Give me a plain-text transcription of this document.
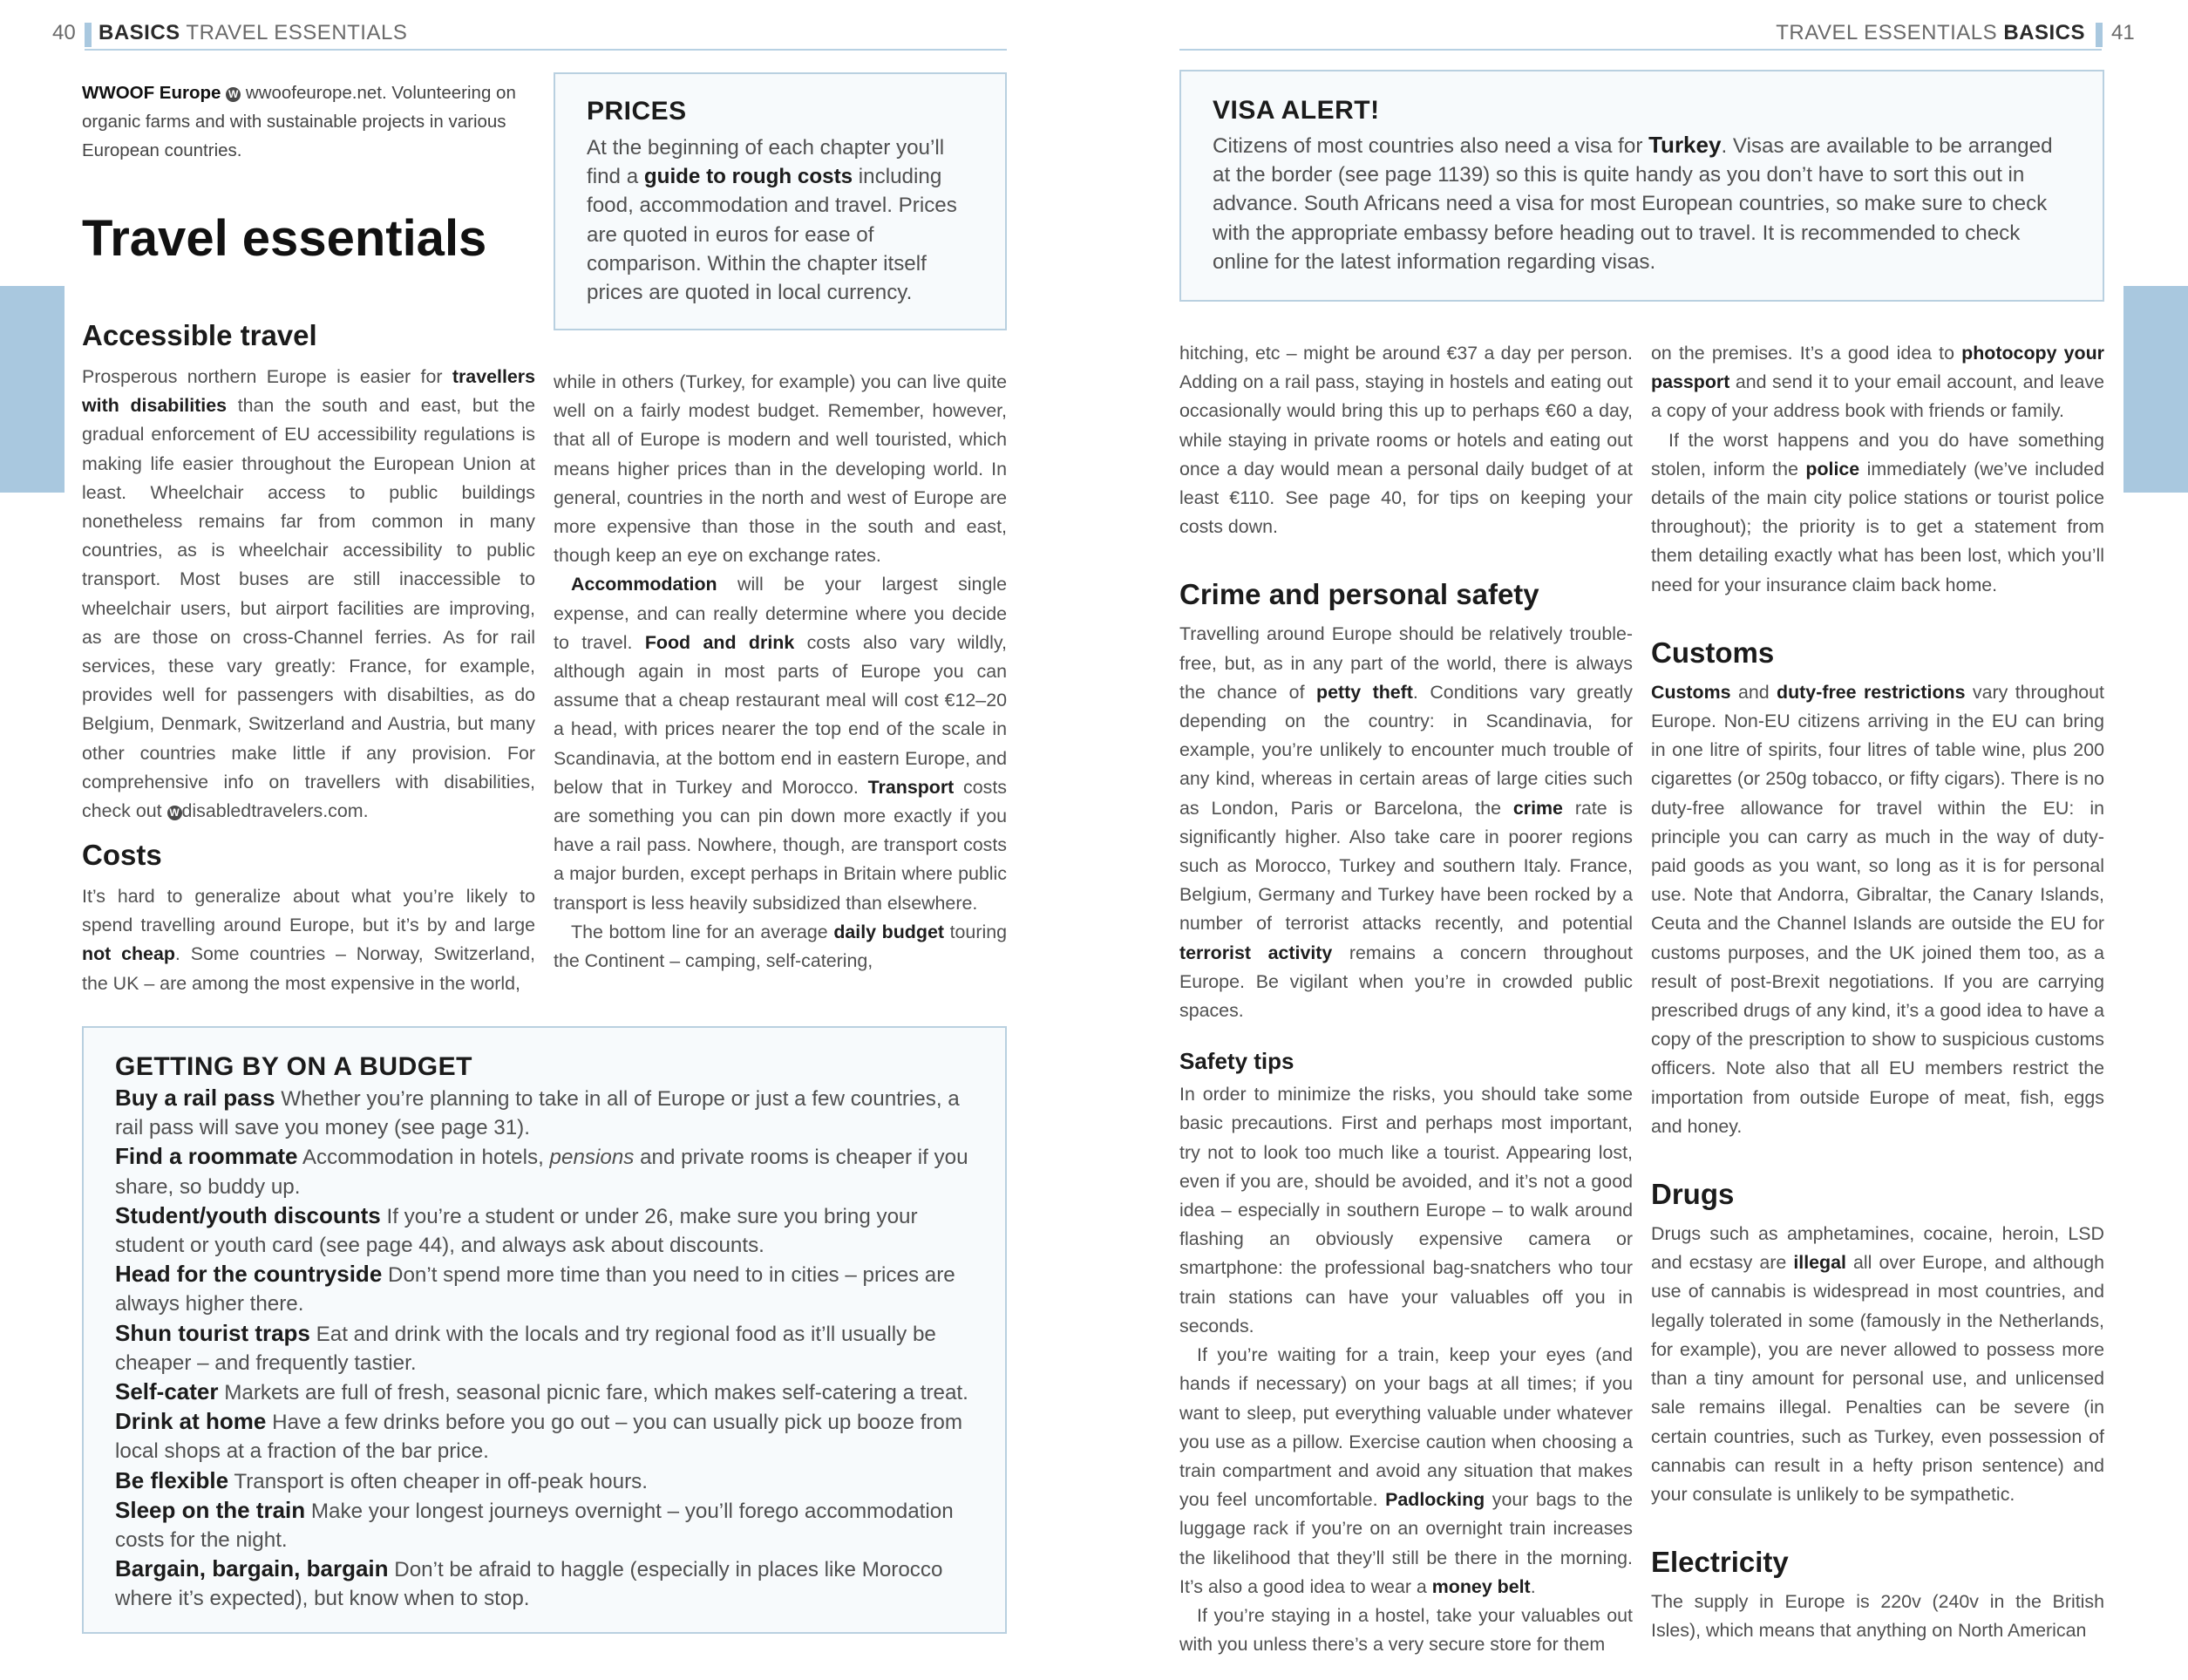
40 BASICS TRAVEL ESSENTIALS
WWOOF Europe W wwoofeurope.net. Volunteering on organic farms and with sustainable projects in various European countries.
Travel essentials
PRICES
At the beginning of each chapter you’ll find a guide to rough costs including food, accommodation and travel. Prices are quoted in euros for ease of comparison. Within the chapter itself prices are quoted in local currency.
Accessible travel

Prosperous northern Europe is easier for travellers with disabilities than the south and east, but the gradual enforcement of EU accessibility regulations is making life easier throughout the European Union at least. Wheelchair access to public buildings nonetheless remains far from common in many countries, as is wheelchair accessibility to public transport. Most buses are still inaccessible to wheelchair users, but airport facilities are improving, as are those on cross-Channel ferries. As for rail services, these vary greatly: France, for example, provides well for passengers with disabilties, as do Belgium, Denmark, Switzerland and Austria, but many other countries make little if any provision. For comprehensive info on travellers with disabilities, check out W disabledtravelers.com.

Costs

It’s hard to generalize about what you’re likely to spend travelling around Europe, but it’s by and large not cheap. Some countries – Norway, Switzerland, the UK – are among the most expensive in the world,

while in others (Turkey, for example) you can live quite well on a fairly modest budget. Remember, however, that all of Europe is modern and well touristed, which means higher prices than in the developing world. In general, countries in the north and west of Europe are more expensive than those in the south and east, though keep an eye on exchange rates.

Accommodation will be your largest single expense, and can really determine where you decide to travel. Food and drink costs also vary wildly, although again in most parts of Europe you can assume that a cheap restaurant meal will cost €12–20 a head, with prices nearer the top end of the scale in Scandinavia, at the bottom end in eastern Europe, and below that in Turkey and Morocco. Transport costs are something you can pin down more exactly if you have a rail pass. Nowhere, though, are transport costs a major burden, except perhaps in Britain where public transport is less heavily subsidized than elsewhere.

The bottom line for an average daily budget touring the Continent – camping, self-catering,

GETTING BY ON A BUDGET
Buy a rail pass Whether you’re planning to take in all of Europe or just a few countries, a rail pass will save you money (see page 31).
Find a roommate Accommodation in hotels, pensions and private rooms is cheaper if you share, so buddy up.
Student/youth discounts If you’re a student or under 26, make sure you bring your student or youth card (see page 44), and always ask about discounts.
Head for the countryside Don’t spend more time than you need to in cities – prices are always higher there.
Shun tourist traps Eat and drink with the locals and try regional food as it’ll usually be cheaper – and frequently tastier.
Self-cater Markets are full of fresh, seasonal picnic fare, which makes self-catering a treat.
Drink at home Have a few drinks before you go out – you can usually pick up booze from local shops at a fraction of the bar price.
Be flexible Transport is often cheaper in off-peak hours.
Sleep on the train Make your longest journeys overnight – you’ll forego accommodation costs for the night.
Bargain, bargain, bargain Don’t be afraid to haggle (especially in places like Morocco where it’s expected), but know when to stop.
TRAVEL ESSENTIALS BASICS 41
VISA ALERT!
Citizens of most countries also need a visa for Turkey. Visas are available to be arranged at the border (see page 1139) so this is quite handy as you don’t have to sort this out in advance. South Africans need a visa for most European countries, so make sure to check with the appropriate embassy before heading out to travel. It is recommended to check online for the latest information regarding visas.

hitching, etc – might be around €37 a day per person. Adding on a rail pass, staying in hostels and eating out occasionally would bring this up to perhaps €60 a day, while staying in private rooms or hotels and eating out once a day would mean a personal daily budget of at least €110. See page 40, for tips on keeping your costs down.

Crime and personal safety

Travelling around Europe should be relatively trouble-free, but, as in any part of the world, there is always the chance of petty theft. Conditions vary greatly depending on the country: in Scandinavia, for example, you’re unlikely to encounter much trouble of any kind, whereas in certain areas of large cities such as London, Paris or Barcelona, the crime rate is significantly higher. Also take care in poorer regions such as Morocco, Turkey and southern Italy. France, Belgium, Germany and Turkey have been rocked by a number of terrorist attacks recently, and potential terrorist activity remains a concern throughout Europe. Be vigilant when you’re in crowded public spaces.

Safety tips

In order to minimize the risks, you should take some basic precautions. First and perhaps most important, try not to look too much like a tourist. Appearing lost, even if you are, should be avoided, and it’s not a good idea – especially in southern Europe – to walk around flashing an obviously expensive camera or smartphone: the professional bag-snatchers who tour train stations can have your valuables off you in seconds.

If you’re waiting for a train, keep your eyes (and hands if necessary) on your bags at all times; if you want to sleep, put everything valuable under whatever you use as a pillow. Exercise caution when choosing a train compartment and avoid any situation that makes you feel uncomfortable. Padlocking your bags to the luggage rack if you’re on an overnight train increases the likelihood that they’ll still be there in the morning. It’s also a good idea to wear a money belt.

If you’re staying in a hostel, take your valuables out with you unless there’s a very secure store for them

on the premises. It’s a good idea to photocopy your passport and send it to your email account, and leave a copy of your address book with friends or family.

If the worst happens and you do have something stolen, inform the police immediately (we’ve included details of the main city police stations or tourist police throughout); the priority is to get a statement from them detailing exactly what has been lost, which you’ll need for your insurance claim back home.

Customs

Customs and duty-free restrictions vary throughout Europe. Non-EU citizens arriving in the EU can bring in one litre of spirits, four litres of table wine, plus 200 cigarettes (or 250g tobacco, or fifty cigars). There is no duty-free allowance for travel within the EU: in principle you can carry as much in the way of duty-paid goods as you want, so long as it is for personal use. Note that Andorra, Gibraltar, the Canary Islands, Ceuta and the Channel Islands are outside the EU for customs purposes, and the UK joined them too, as a result of post-Brexit negotiations. If you are carrying prescribed drugs of any kind, it’s a good idea to have a copy of the prescription to show to suspicious customs officers. Note also that all EU members restrict the importation from outside Europe of meat, fish, eggs and honey.

Drugs

Drugs such as amphetamines, cocaine, heroin, LSD and ecstasy are illegal all over Europe, and although use of cannabis is widespread in most countries, and legally tolerated in some (famously in the Netherlands, for example), you are never allowed to possess more than a tiny amount for personal use, and unlicensed sale remains illegal. Penalties can be severe (in certain countries, such as Turkey, even possession of cannabis can result in a hefty prison sentence) and your consulate is unlikely to be sympathetic.

Electricity

The supply in Europe is 220v (240v in the British Isles), which means that anything on North American
